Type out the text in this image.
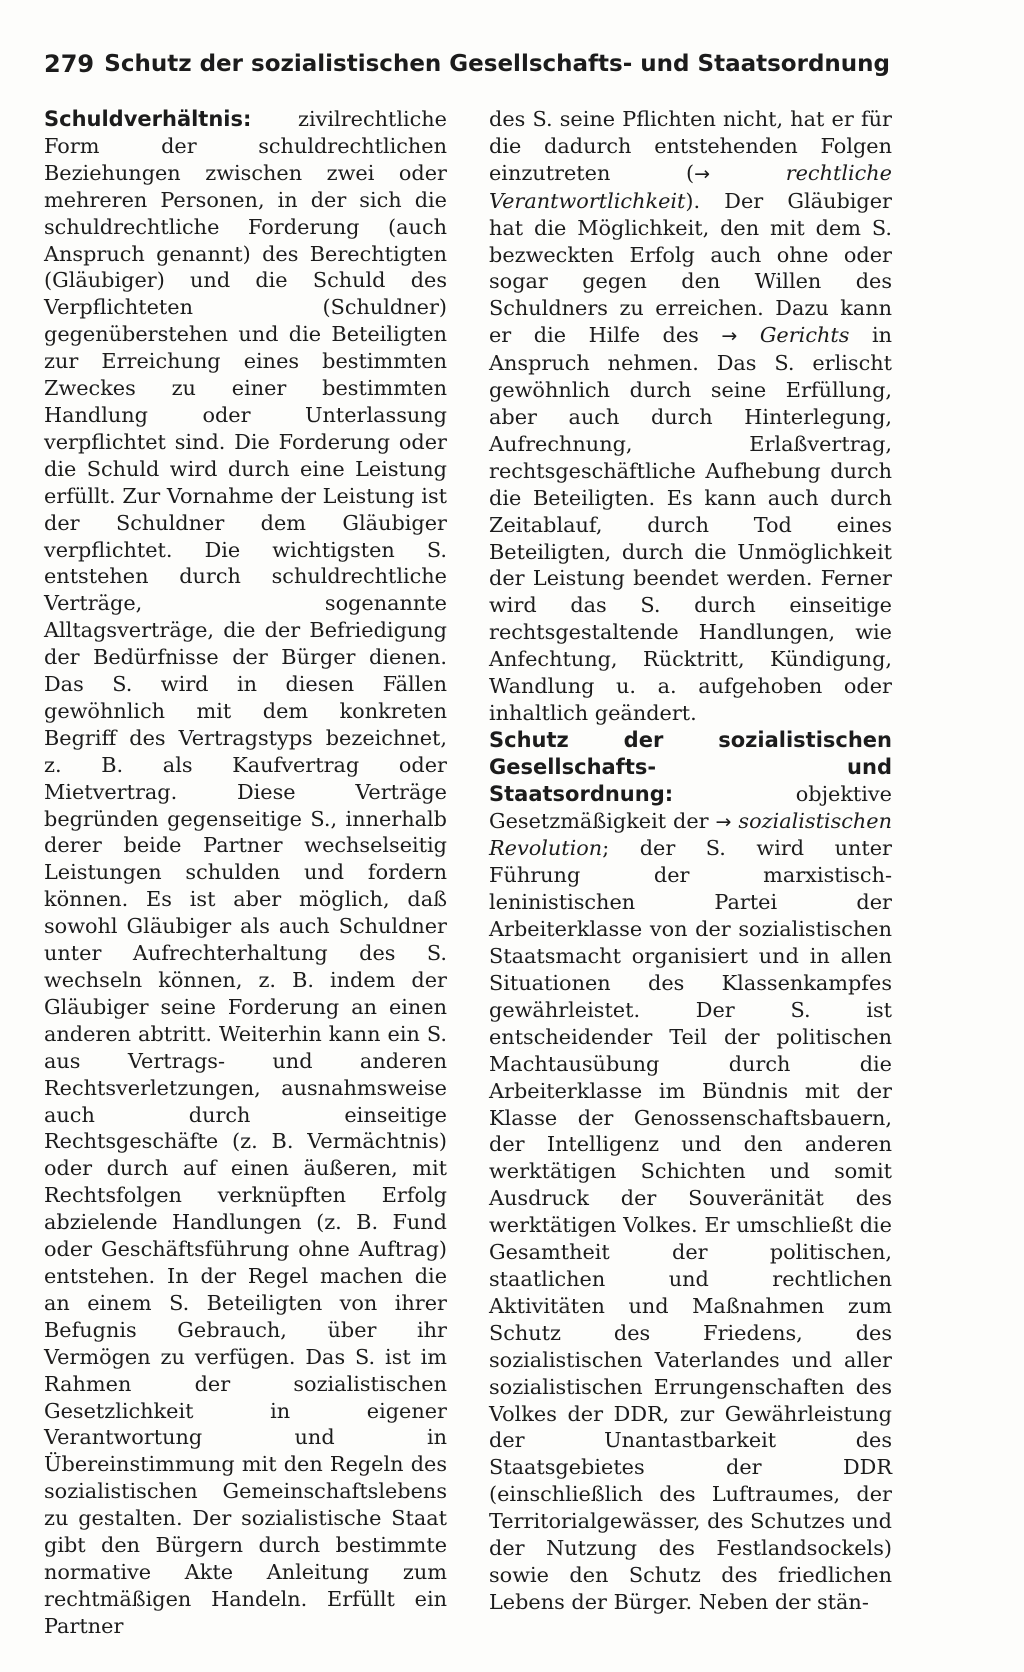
279 Schutz der sozialistischen Gesellschafts- und Staatsordnung

Schuldverhältnis: zivilrechtliche Form der schuldrechtlichen Beziehungen zwischen zwei oder mehreren Personen, in der sich die schuldrechtliche Forderung (auch Anspruch genannt) des Berechtigten (Gläubiger) und die Schuld des Verpflichteten (Schuldner) gegenüberstehen und die Beteiligten zur Erreichung eines bestimmten Zweckes zu einer bestimmten Handlung oder Unterlassung verpflichtet sind. Die Forderung oder die Schuld wird durch eine Leistung erfüllt. Zur Vornahme der Leistung ist der Schuldner dem Gläubiger verpflichtet. Die wichtigsten S. entstehen durch schuldrechtliche Verträge, sogenannte Alltagsverträge, die der Befriedigung der Bedürfnisse der Bürger dienen. Das S. wird in diesen Fällen gewöhnlich mit dem konkreten Begriff des Vertragstyps bezeichnet, z. B. als Kaufvertrag oder Mietvertrag. Diese Verträge begründen gegenseitige S., innerhalb derer beide Partner wechselseitig Leistungen schulden und fordern können. Es ist aber möglich, daß sowohl Gläubiger als auch Schuldner unter Aufrechterhaltung des S. wechseln können, z. B. indem der Gläubiger seine Forderung an einen anderen abtritt. Weiterhin kann ein S. aus Vertrags- und anderen Rechtsverletzungen, ausnahmsweise auch durch einseitige Rechtsgeschäfte (z. B. Vermächtnis) oder durch auf einen äußeren, mit Rechtsfolgen verknüpften Erfolg abzielende Handlungen (z. B. Fund oder Geschäftsführung ohne Auftrag) entstehen. In der Regel machen die an einem S. Beteiligten von ihrer Befugnis Gebrauch, über ihr Vermögen zu verfügen. Das S. ist im Rahmen der sozialistischen Gesetzlichkeit in eigener Verantwortung und in Übereinstimmung mit den Regeln des sozialistischen Gemeinschaftslebens zu gestalten. Der sozialistische Staat gibt den Bürgern durch bestimmte normative Akte Anleitung zum rechtmäßigen Handeln. Erfüllt ein Partner

des S. seine Pflichten nicht, hat er für die dadurch entstehenden Folgen einzutreten (→	rechtliche Verantwortlichkeit). Der Gläubiger hat die Möglichkeit, den mit dem S. bezweckten Erfolg auch ohne oder sogar gegen den Willen des Schuldners zu erreichen. Dazu kann er die Hilfe des → Gerichts in Anspruch nehmen. Das S. erlischt gewöhnlich durch seine Erfüllung, aber auch durch Hinterlegung, Aufrechnung, Erlaßvertrag, rechtsgeschäftliche Aufhebung durch die Beteiligten. Es kann auch durch Zeitablauf, durch Tod eines Beteiligten, durch die Unmöglichkeit der Leistung beendet werden. Ferner wird das S. durch einseitige rechtsgestaltende Handlungen, wie Anfechtung, Rücktritt, Kündigung, Wandlung u. a. aufgehoben oder inhaltlich geändert.

Schutz der sozialistischen Gesellschafts- und Staatsordnung:	objektive Gesetzmäßigkeit der → sozialistischen Revolution; der S. wird unter Führung der marxistisch-leninistischen Partei der Arbeiterklasse von der sozialistischen Staatsmacht organisiert und in allen Situationen des Klassenkampfes gewährleistet. Der S. ist entscheidender Teil der politischen Machtausübung durch die Arbeiterklasse im Bündnis mit der Klasse der Genossenschaftsbauern, der Intelligenz und den anderen werktätigen Schichten und somit Ausdruck der Souveränität des werktätigen Volkes. Er umschließt die Gesamtheit der politischen, staatlichen und rechtlichen Aktivitäten und Maßnahmen zum Schutz des Friedens, des sozialistischen Vaterlandes und aller sozialistischen Errungenschaften des Volkes der DDR, zur Gewährleistung der Unantastbarkeit des Staatsgebietes der DDR (einschließlich des Luftraumes, der Territorialgewässer, des Schutzes und der Nutzung des Festlandsockels) sowie den Schutz des friedlichen Lebens der Bürger. Neben der stän-
